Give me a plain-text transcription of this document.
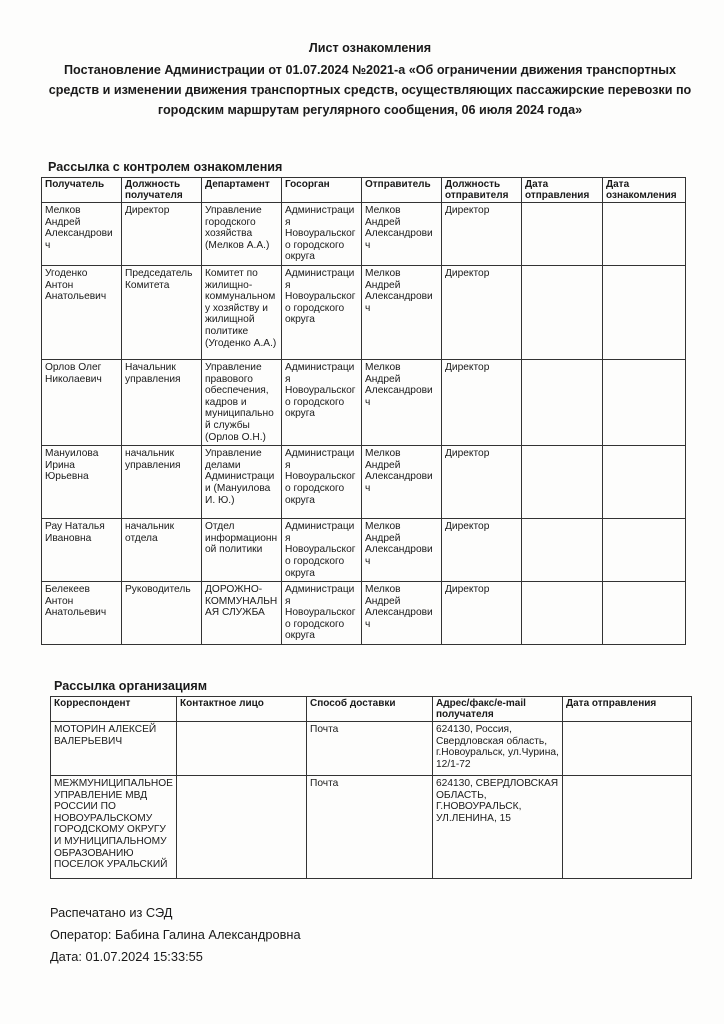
Лист ознакомления
Постановление Администрации от 01.07.2024 №2021-а «Об ограничении движения транспортных средств и изменении движения транспортных средств, осуществляющих пассажирские перевозки по городским маршрутам регулярного сообщения, 06 июля 2024 года»
Рассылка с контролем ознакомления
Получатель	Должность получателя	Департамент	Госорган	Отправитель	Должность отправителя	Дата отправления	Дата ознакомления
Мелков Андрей Александрович	Директор	Управление городского хозяйства (Мелков А.А.)	Администрация Новоуральского городского округа	Мелков Андрей Александрович	Директор		
Угоденко Антон Анатольевич	Председатель Комитета	Комитет по жилищно-коммунальному хозяйству и жилищной политике (Угоденко А.А.)	Администрация Новоуральского городского округа	Мелков Андрей Александрович	Директор		
Орлов Олег Николаевич	Начальник управления	Управление правового обеспечения, кадров и муниципальной службы (Орлов О.Н.)	Администрация Новоуральского городского округа	Мелков Андрей Александрович	Директор		
Мануилова Ирина Юрьевна	начальник управления	Управление делами Администрации (Мануилова И. Ю.)	Администрация Новоуральского городского округа	Мелков Андрей Александрович	Директор		
Рау Наталья Ивановна	начальник отдела	Отдел информационной политики	Администрация Новоуральского городского округа	Мелков Андрей Александрович	Директор		
Белекеев Антон Анатольевич	Руководитель	ДОРОЖНО-КОММУНАЛЬНАЯ СЛУЖБА	Администрация Новоуральского городского округа	Мелков Андрей Александрович	Директор		
Рассылка организациям
Корреспондент	Контактное лицо	Способ доставки	Адрес/факс/e-mail получателя	Дата отправления
МОТОРИН АЛЕКСЕЙ ВАЛЕРЬЕВИЧ		Почта	624130, Россия, Свердловская область, г.Новоуральск, ул.Чурина, 12/1-72	
МЕЖМУНИЦИПАЛЬНОЕ УПРАВЛЕНИЕ МВД РОССИИ ПО НОВОУРАЛЬСКОМУ ГОРОДСКОМУ ОКРУГУ И МУНИЦИПАЛЬНОМУ ОБРАЗОВАНИЮ ПОСЕЛОК УРАЛЬСКИЙ		Почта	624130, СВЕРДЛОВСКАЯ ОБЛАСТЬ, Г.НОВОУРАЛЬСК, УЛ.ЛЕНИНА, 15	
Распечатано из СЭД
Оператор: Бабина Галина Александровна
Дата: 01.07.2024 15:33:55
